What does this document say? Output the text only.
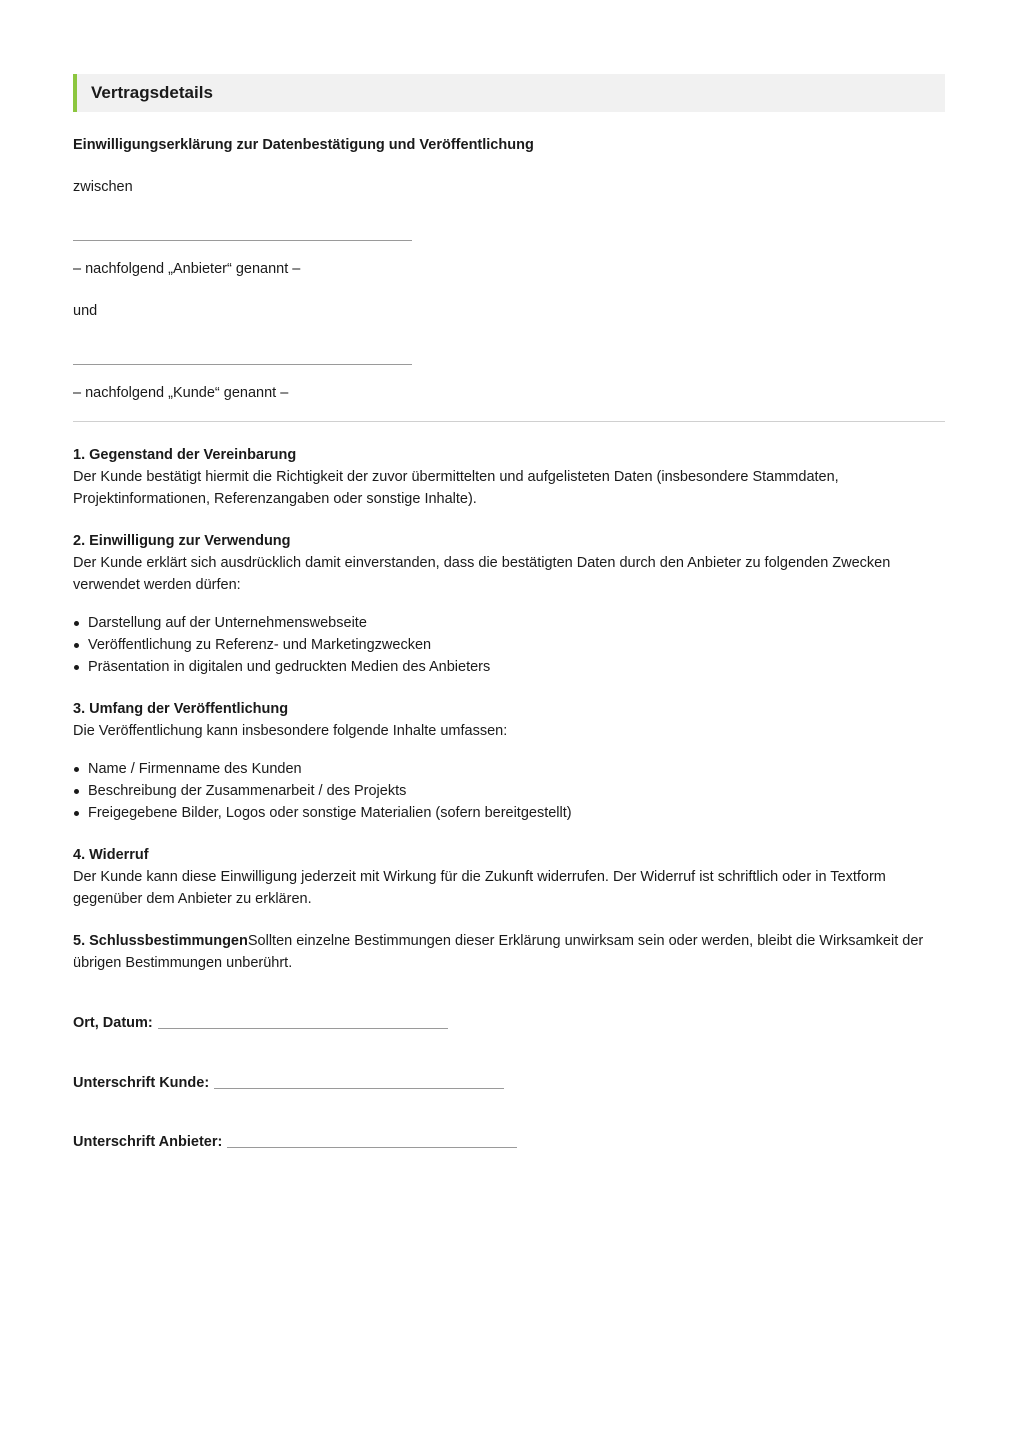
Vertragsdetails
Einwilligungserklärung zur Datenbestätigung und Veröffentlichung
zwischen
– nachfolgend „Anbieter“ genannt –
und
– nachfolgend „Kunde“ genannt –
1. Gegenstand der Vereinbarung
Der Kunde bestätigt hiermit die Richtigkeit der zuvor übermittelten und aufgelisteten Daten (insbesondere Stammdaten, Projektinformationen, Referenzangaben oder sonstige Inhalte).
2. Einwilligung zur Verwendung
Der Kunde erklärt sich ausdrücklich damit einverstanden, dass die bestätigten Daten durch den Anbieter zu folgenden Zwecken verwendet werden dürfen:
Darstellung auf der Unternehmenswebseite
Veröffentlichung zu Referenz- und Marketingzwecken
Präsentation in digitalen und gedruckten Medien des Anbieters
3. Umfang der Veröffentlichung
Die Veröffentlichung kann insbesondere folgende Inhalte umfassen:
Name / Firmenname des Kunden
Beschreibung der Zusammenarbeit / des Projekts
Freigegebene Bilder, Logos oder sonstige Materialien (sofern bereitgestellt)
4. Widerruf
Der Kunde kann diese Einwilligung jederzeit mit Wirkung für die Zukunft widerrufen. Der Widerruf ist schriftlich oder in Textform gegenüber dem Anbieter zu erklären.
5. SchlussbestimmungenSollten einzelne Bestimmungen dieser Erklärung unwirksam sein oder werden, bleibt die Wirksamkeit der übrigen Bestimmungen unberührt.
Ort, Datum:
Unterschrift Kunde:
Unterschrift Anbieter:
